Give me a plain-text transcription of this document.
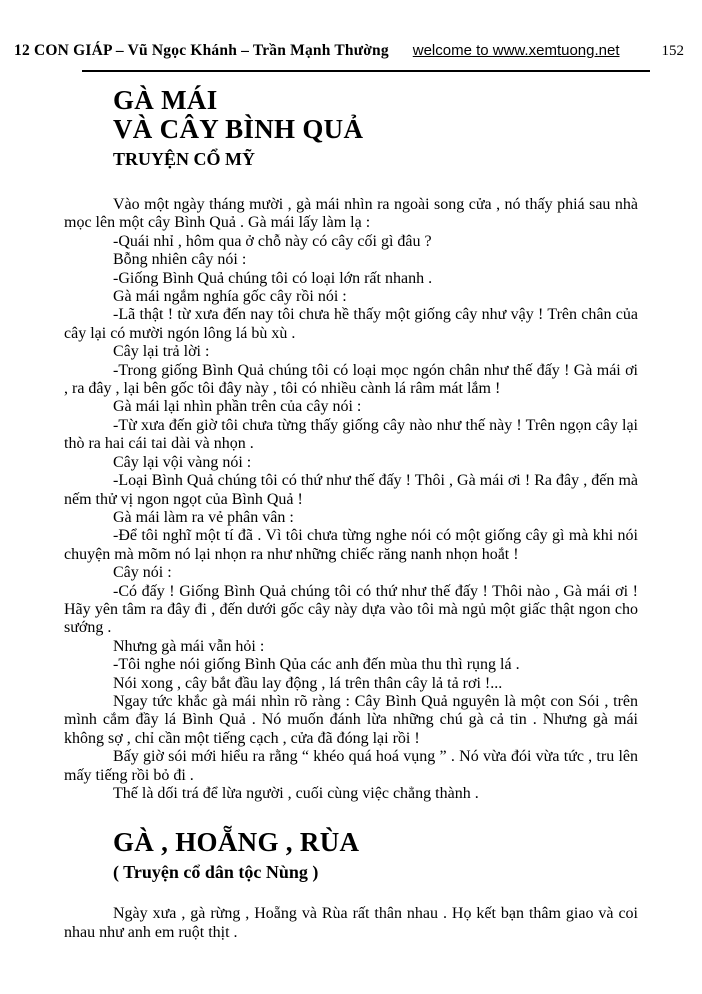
12 CON GIÁP – Vũ Ngọc Khánh – Trần Mạnh Thường welcome to www.xemtuong.net	152
GÀ MÁI
VÀ CÂY BÌNH QUẢ
TRUYỆN CỔ MỸ

Vào một ngày tháng mười , gà mái nhìn ra ngoài song cửa , nó thấy phiá sau nhà mọc lên một cây Bình Quả . Gà mái lấy làm lạ :

-Quái nhỉ , hôm qua ở chỗ này có cây cối gì đâu ?

Bỗng nhiên cây nói :

-Giống Bình Quả chúng tôi có loại lớn rất nhanh .

Gà mái ngắm nghía gốc cây rồi nói :

-Lã thật ! từ xưa đến nay tôi chưa hề thấy một giống cây như vậy ! Trên chân của cây lại có mười ngón lông lá bù xù .

Cây lại trả lời :

-Trong giống Bình Quả chúng tôi có loại mọc ngón chân như thế đấy ! Gà mái ơi , ra đây , lại bên gốc tôi đây này , tôi có nhiều cành lá râm mát lắm !

Gà mái lại nhìn phần trên của cây nói :

-Từ xưa đến giờ tôi chưa từng thấy giống cây nào như thế này ! Trên ngọn cây lại thò ra hai cái tai dài và nhọn .

Cây lại vội vàng nói :

-Loại Bình Quả chúng tôi có thứ như thế đấy ! Thôi , Gà mái ơi ! Ra đây , đến mà nếm thử vị ngon ngọt của Bình Quả !

Gà mái làm ra vẻ phân vân :

-Để tôi nghĩ một tí đã . Vì tôi chưa từng nghe nói có một giống cây gì mà khi nói chuyện mà mõm nó lại nhọn ra như những chiếc răng nanh nhọn hoắt !

Cây nói :

-Có đấy ! Giống Bình Quả chúng tôi có thứ như thế đấy ! Thôi nào , Gà mái ơi ! Hãy yên tâm ra đây đi , đến dưới gốc cây này dựa vào tôi mà ngủ một giấc thật ngon cho sướng .

Nhưng gà mái vẫn hỏi :

-Tôi nghe nói giống Bình Qủa các anh đến mùa thu thì rụng lá .

Nói xong , cây bắt đầu lay động , lá trên thân cây lả tả rơi !...

Ngay tức khắc gà mái nhìn rõ ràng : Cây Bình Quả nguyên là một con Sói , trên mình cắm đầy lá Bình Quả . Nó muốn đánh lừa những chú gà cả tin . Nhưng gà mái không sợ , chỉ cần một tiếng cạch , cửa đã đóng lại rồi !

Bấy giờ sói mới hiểu ra rằng “ khéo quá hoá vụng ” . Nó vừa đói vừa tức , tru lên mấy tiếng rồi bỏ đi .

Thế là dối trá để lừa người , cuối cùng việc chẳng thành .

GÀ , HOẴNG , RÙA
( Truyện cổ dân tộc Nùng )

Ngày xưa , gà rừng , Hoẵng và Rùa rất thân nhau . Họ kết bạn thâm giao và coi nhau như anh em ruột thịt .
